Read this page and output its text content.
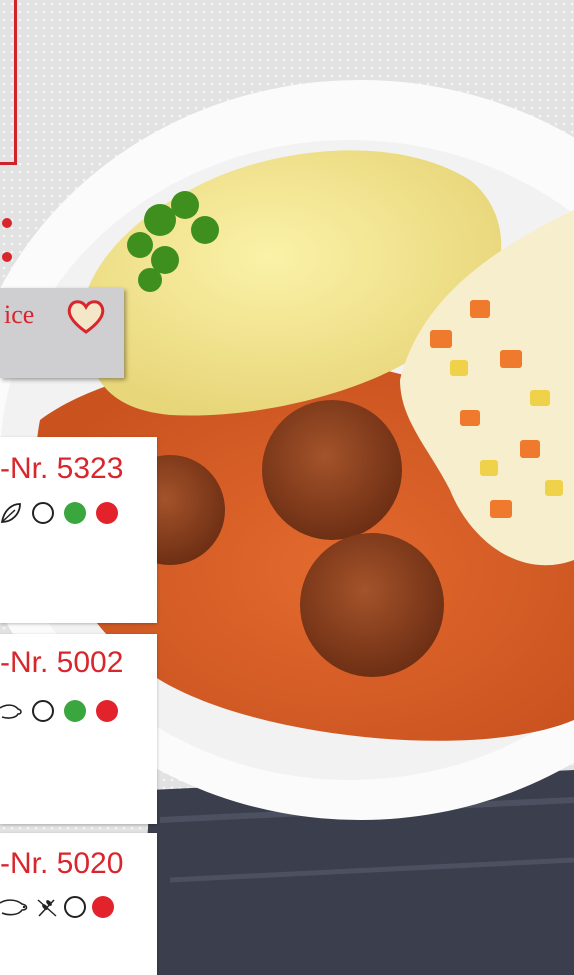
ice
-Nr. 5323
-Nr. 5002
-Nr. 5020
